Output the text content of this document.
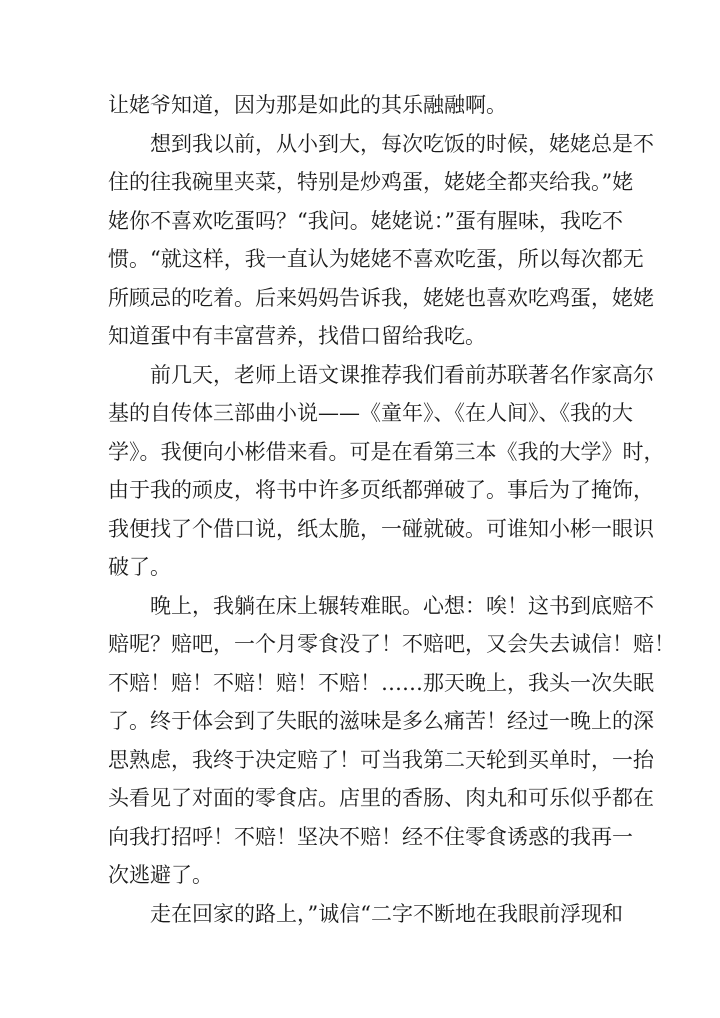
让姥爷知道，因为那是如此的其乐融融啊。
想到我以前，从小到大，每次吃饭的时候，姥姥总是不
住的往我碗里夹菜，特别是炒鸡蛋，姥姥全都夹给我。”姥
姥你不喜欢吃蛋吗？“我问。姥姥说：”蛋有腥味，我吃不
惯。“就这样，我一直认为姥姥不喜欢吃蛋，所以每次都无
所顾忌的吃着。后来妈妈告诉我，姥姥也喜欢吃鸡蛋，姥姥
知道蛋中有丰富营养，找借口留给我吃。
前几天，老师上语文课推荐我们看前苏联著名作家高尔
基的自传体三部曲小说——《童年》、《在人间》、《我的大
学》。我便向小彬借来看。可是在看第三本《我的大学》时，
由于我的顽皮，将书中许多页纸都弹破了。事后为了掩饰，
我便找了个借口说，纸太脆，一碰就破。可谁知小彬一眼识
破了。
晚上，我躺在床上辗转难眠。心想：唉！这书到底赔不
赔呢？赔吧，一个月零食没了！不赔吧，又会失去诚信！赔！
不赔！赔！不赔！赔！不赔！……那天晚上，我头一次失眠
了。终于体会到了失眠的滋味是多么痛苦！经过一晚上的深
思熟虑，我终于决定赔了！可当我第二天轮到买单时，一抬
头看见了对面的零食店。店里的香肠、肉丸和可乐似乎都在
向我打招呼！不赔！坚决不赔！经不住零食诱惑的我再一
次逃避了。
走在回家的路上，”诚信“二字不断地在我眼前浮现和
